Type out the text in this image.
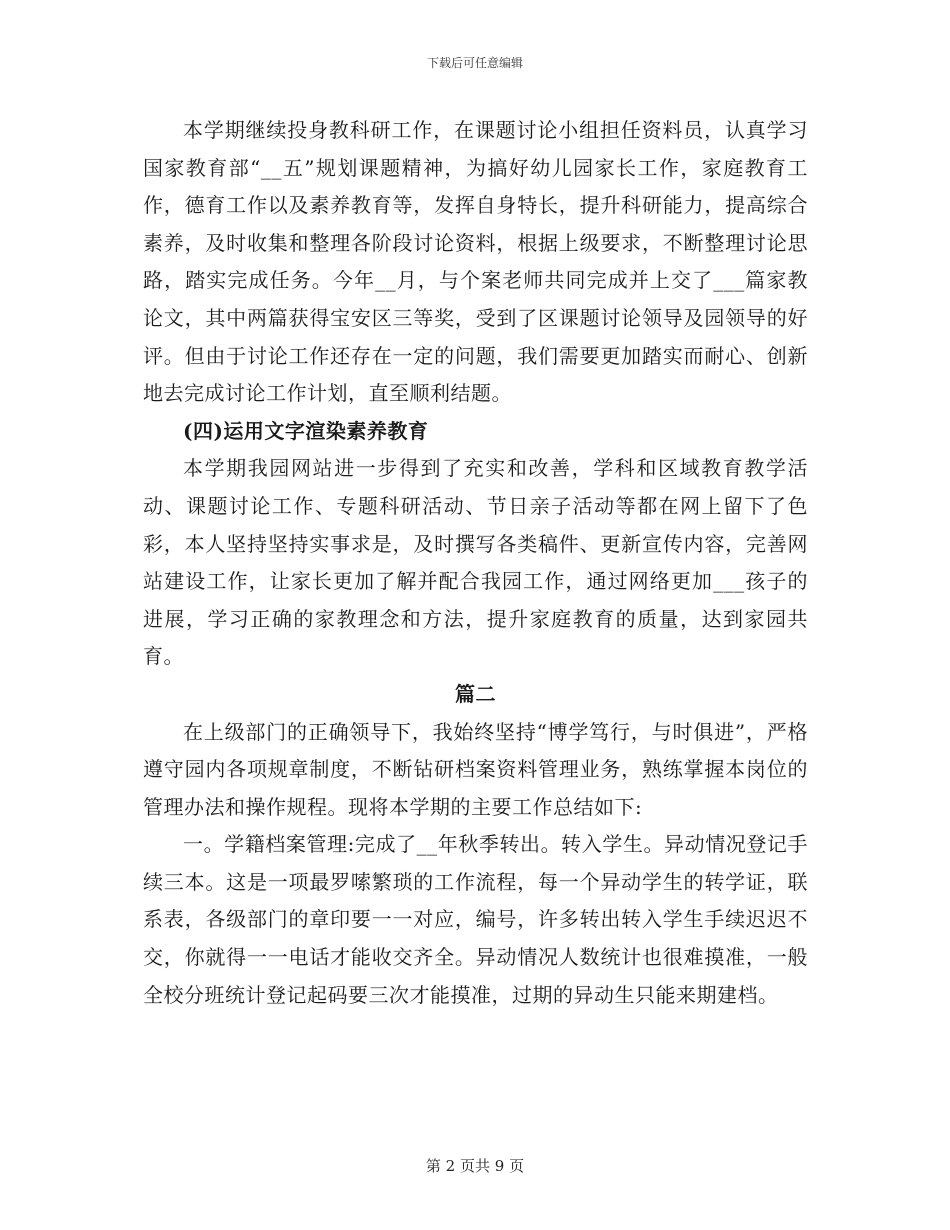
下载后可任意编辑

本学期继续投身教科研工作，在课题讨论小组担任资料员，认真学习国家教育部“__五”规划课题精神，为搞好幼儿园家长工作，家庭教育工作，德育工作以及素养教育等，发挥自身特长，提升科研能力，提高综合素养，及时收集和整理各阶段讨论资料，根据上级要求，不断整理讨论思路，踏实完成任务。今年__月，与个案老师共同完成并上交了___篇家教论文，其中两篇获得宝安区三等奖，受到了区课题讨论领导及园领导的好评。但由于讨论工作还存在一定的问题，我们需要更加踏实而耐心、创新地去完成讨论工作计划，直至顺利结题。

(四)运用文字渲染素养教育

本学期我园网站进一步得到了充实和改善，学科和区域教育教学活动、课题讨论工作、专题科研活动、节日亲子活动等都在网上留下了色彩，本人坚持坚持实事求是，及时撰写各类稿件、更新宣传内容，完善网站建设工作，让家长更加了解并配合我园工作，通过网络更加___孩子的进展，学习正确的家教理念和方法，提升家庭教育的质量，达到家园共育。

篇二

在上级部门的正确领导下，我始终坚持“博学笃行，与时俱进”，严格遵守园内各项规章制度，不断钻研档案资料管理业务，熟练掌握本岗位的管理办法和操作规程。现将本学期的主要工作总结如下:

一。学籍档案管理:完成了__年秋季转出。转入学生。异动情况登记手续三本。这是一项最罗嗦繁琐的工作流程，每一个异动学生的转学证，联系表，各级部门的章印要一一对应，编号，许多转出转入学生手续迟迟不交，你就得一一电话才能收交齐全。异动情况人数统计也很难摸准，一般全校分班统计登记起码要三次才能摸准，过期的异动生只能来期建档。

第 2 页共 9 页
